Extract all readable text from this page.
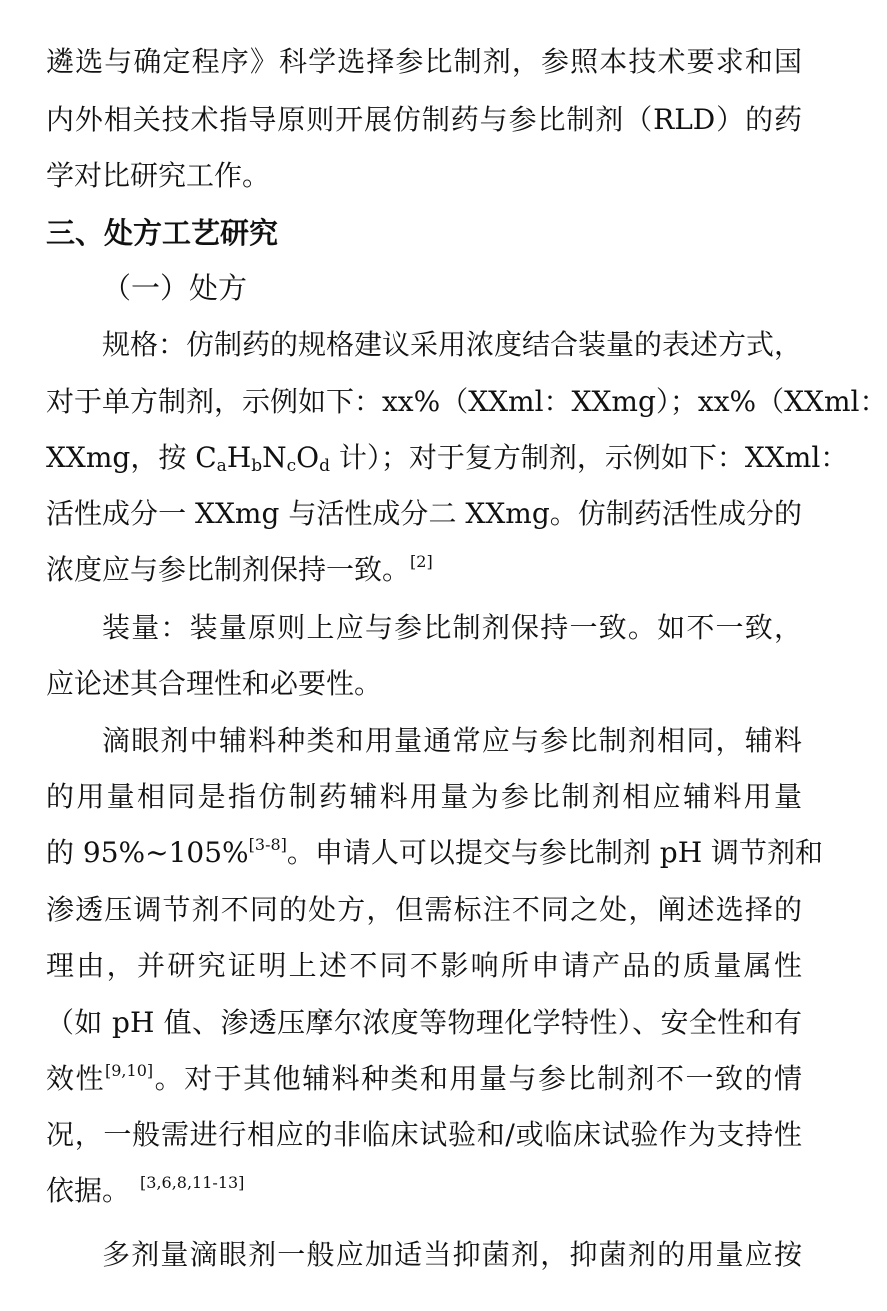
遴选与确定程序》科学选择参比制剂，参照本技术要求和国
内外相关技术指导原则开展仿制药与参比制剂（RLD）的药
学对比研究工作。
三、处方工艺研究
（一）处方
规格：仿制药的规格建议采用浓度结合装量的表述方式，
对于单方制剂，示例如下：xx%（XXml：XXmg）；xx%（XXml：
XXmg，按 $C_aH_bN_cO_d$ 计）；对于复方制剂，示例如下：XXml：
活性成分一 XXmg 与活性成分二 XXmg。仿制药活性成分的
浓度应与参比制剂保持一致。[2]
装量：装量原则上应与参比制剂保持一致。如不一致，
应论述其合理性和必要性。
滴眼剂中辅料种类和用量通常应与参比制剂相同，辅料
的用量相同是指仿制药辅料用量为参比制剂相应辅料用量
的 95%~105%[3-8]。申请人可以提交与参比制剂 pH 调节剂和
渗透压调节剂不同的处方，但需标注不同之处，阐述选择的
理由，并研究证明上述不同不影响所申请产品的质量属性
（如 pH 值、渗透压摩尔浓度等物理化学特性）、安全性和有
效性[9,10]。对于其他辅料种类和用量与参比制剂不一致的情
况，一般需进行相应的非临床试验和/或临床试验作为支持性
依据。 [3,6,8,11-13]
多剂量滴眼剂一般应加适当抑菌剂，抑菌剂的用量应按
